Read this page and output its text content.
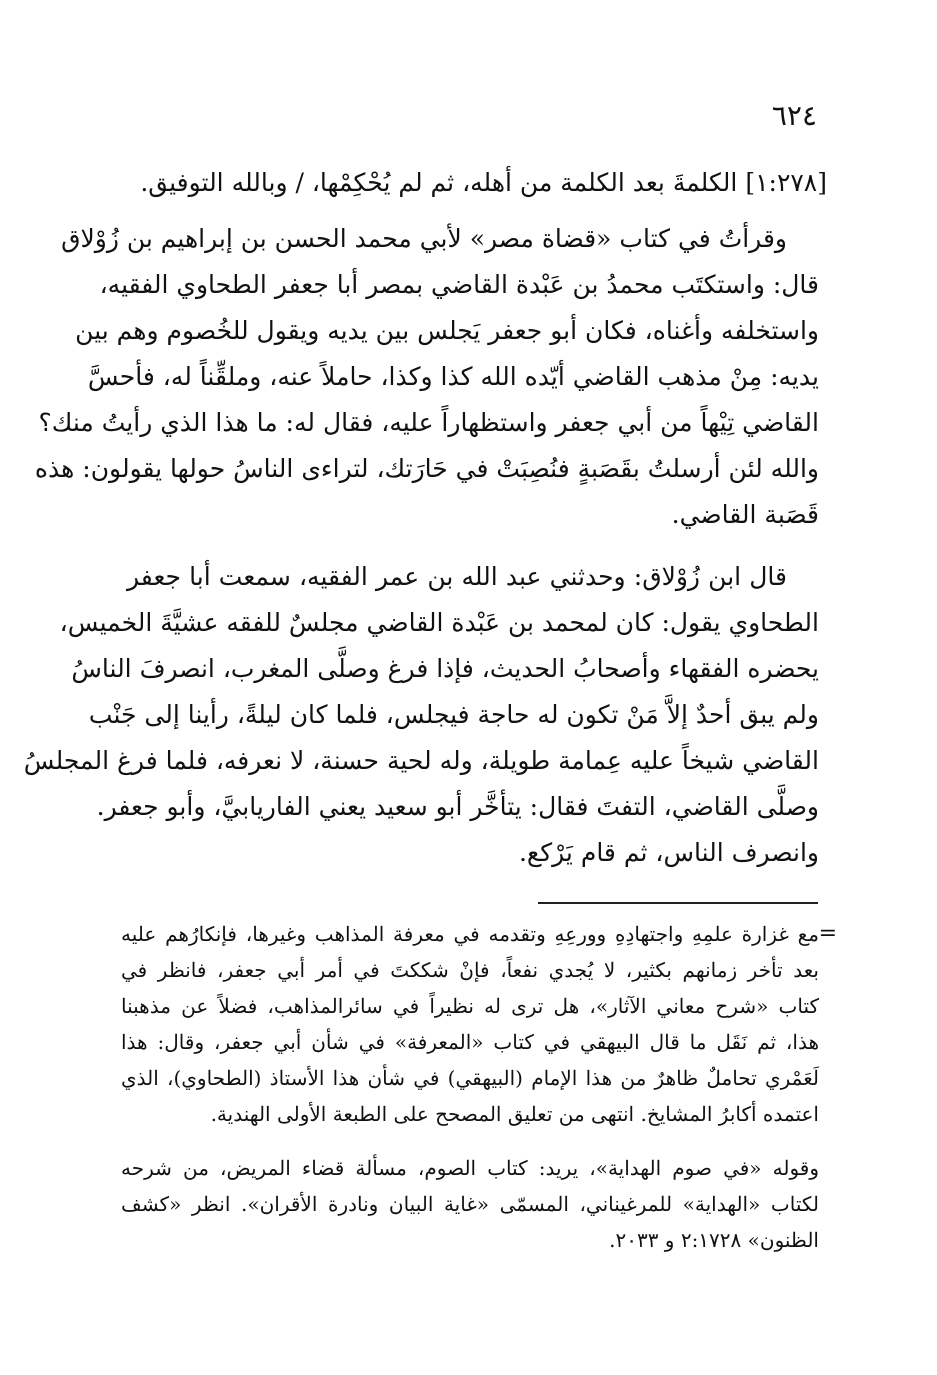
٦٢٤
[١:٢٧٨]الكلمةَ بعد الكلمة من أهله، ثم لم يُحْكِمْها، / وبالله التوفيق.
وقرأتُ في كتاب «قضاة مصر» لأبي محمد الحسن بن إبراهيم بن زُوْلاق
قال: واستكتَب محمدُ بن عَبْدة القاضي بمصر أبا جعفر الطحاوي الفقيه،
واستخلفه وأغناه، فكان أبو جعفر يَجلس بين يديه ويقول للخُصوم وهم بين
يديه: مِنْ مذهب القاضي أيّده الله كذا وكذا، حاملاً عنه، وملقِّناً له، فأحسَّ
القاضي تِيْهاً من أبي جعفر واستظهاراً عليه، فقال له: ما هذا الذي رأيتُ منك؟
والله لئن أرسلتُ بقَصَبةٍ فنُصِبَتْ في حَارَتك، لتراءى الناسُ حولها يقولون: هذه
قَصَبة القاضي.
قال ابن زُوْلاق: وحدثني عبد الله بن عمر الفقيه، سمعت أبا جعفر
الطحاوي يقول: كان لمحمد بن عَبْدة القاضي مجلسٌ للفقه عشيَّةَ الخميس،
يحضره الفقهاء وأصحابُ الحديث، فإذا فرغ وصلَّى المغرب، انصرفَ الناسُ
ولم يبق أحدٌ إلاَّ مَنْ تكون له حاجة فيجلس، فلما كان ليلةً، رأينا إلى جَنْب
القاضي شيخاً عليه عِمامة طويلة، وله لحية حسنة، لا نعرفه، فلما فرغ المجلسُ
وصلَّى القاضي، التفتَ فقال: يتأخَّر أبو سعيد يعني الفاريابيَّ، وأبو جعفر.
وانصرف الناس، ثم قام يَرْكع.
=
مع غزارة علمِهِ واجتهادِهِ وورعِهِ وتقدمه في معرفة المذاهب وغيرها، فإنكارُهم عليه
بعد تأخر زمانهم بكثير، لا يُجدي نفعاً، فإنْ شككتَ في أمر أبي جعفر، فانظر في
كتاب «شرح معاني الآثار»، هل ترى له نظيراً في سائرالمذاهب، فضلاً عن مذهبنا
هذا، ثم نَقَل ما قال البيهقي في كتاب «المعرفة» في شأن أبي جعفر، وقال: هذا
لَعَمْري تحاملٌ ظاهرٌ من هذا الإمام (البيهقي) في شأن هذا الأستاذ (الطحاوي)، الذي
اعتمده أكابرُ المشايخ. انتهى من تعليق المصحح على الطبعة الأولى الهندية.
وقوله «في صوم الهداية»، يريد: كتاب الصوم، مسألة قضاء المريض، من شرحه
لكتاب «الهداية» للمرغيناني، المسمّى «غاية البيان ونادرة الأقران». انظر «كشف
الظنون» ٢:١٧٢٨ و ٢٠٣٣.
